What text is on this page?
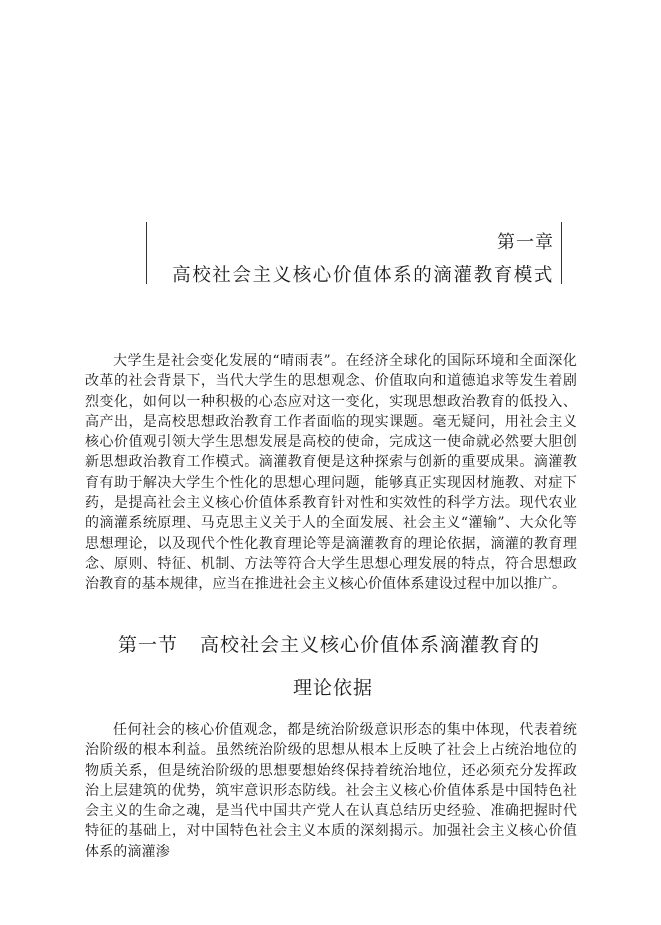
第一章
高校社会主义核心价值体系的滴灌教育模式

大学生是社会变化发展的“晴雨表”。在经济全球化的国际环境和全面深化改革的社会背景下，当代大学生的思想观念、价值取向和道德追求等发生着剧烈变化，如何以一种积极的心态应对这一变化，实现思想政治教育的低投入、高产出，是高校思想政治教育工作者面临的现实课题。毫无疑问，用社会主义核心价值观引领大学生思想发展是高校的使命，完成这一使命就必然要大胆创新思想政治教育工作模式。滴灌教育便是这种探索与创新的重要成果。滴灌教育有助于解决大学生个性化的思想心理问题，能够真正实现因材施教、对症下药，是提高社会主义核心价值体系教育针对性和实效性的科学方法。现代农业的滴灌系统原理、马克思主义关于人的全面发展、社会主义“灌输”、大众化等思想理论，以及现代个性化教育理论等是滴灌教育的理论依据，滴灌的教育理念、原则、特征、机制、方法等符合大学生思想心理发展的特点，符合思想政治教育的基本规律，应当在推进社会主义核心价值体系建设过程中加以推广。

第一节 高校社会主义核心价值体系滴灌教育的
理论依据

任何社会的核心价值观念，都是统治阶级意识形态的集中体现，代表着统治阶级的根本利益。虽然统治阶级的思想从根本上反映了社会上占统治地位的物质关系，但是统治阶级的思想要想始终保持着统治地位，还必须充分发挥政治上层建筑的优势，筑牢意识形态防线。社会主义核心价值体系是中国特色社会主义的生命之魂，是当代中国共产党人在认真总结历史经验、准确把握时代特征的基础上，对中国特色社会主义本质的深刻揭示。加强社会主义核心价值体系的滴灌渗
